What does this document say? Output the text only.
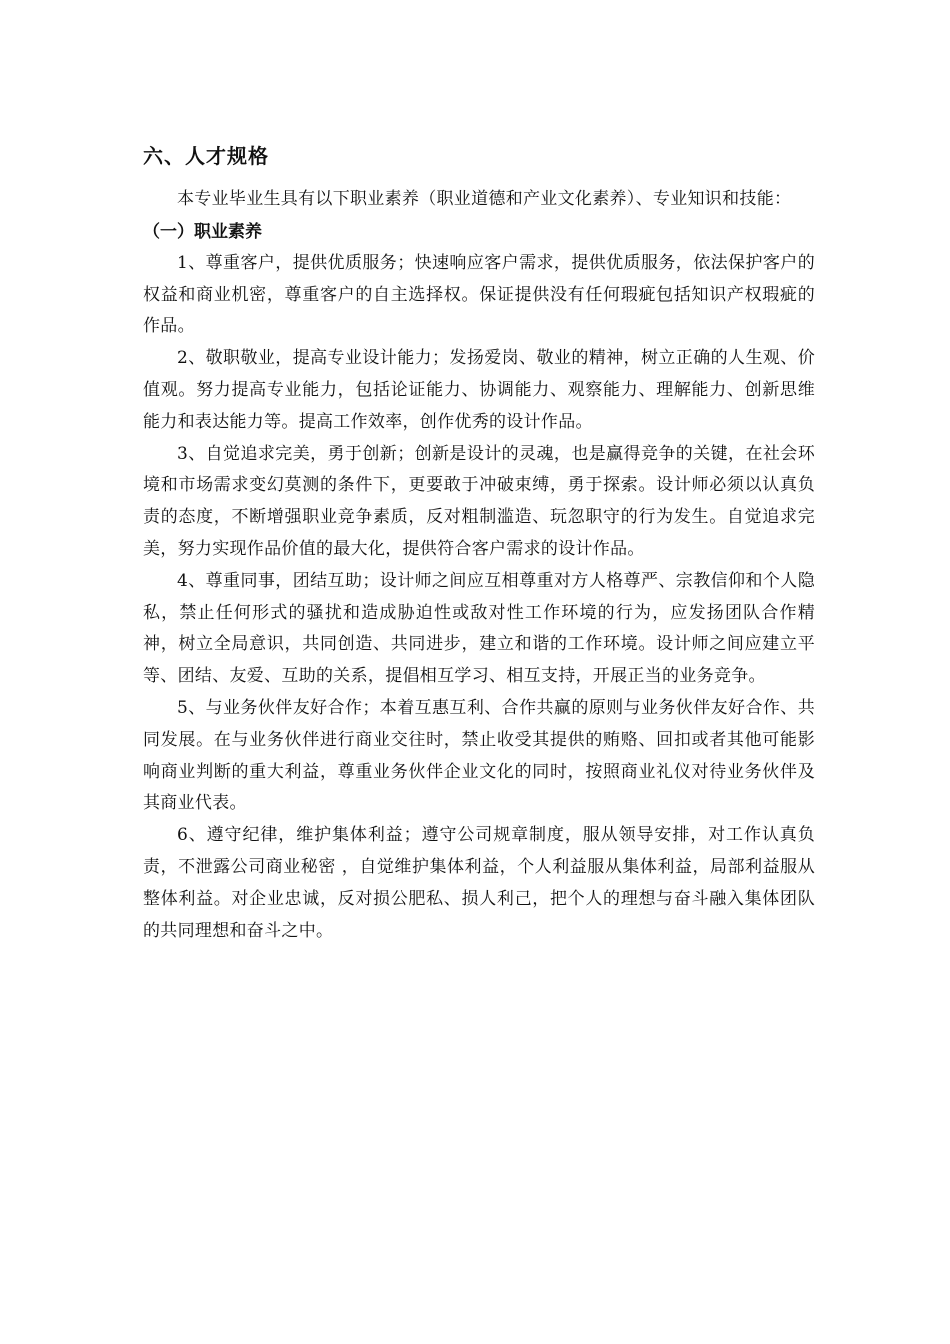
六、人才规格

本专业毕业生具有以下职业素养（职业道德和产业文化素养）、专业知识和技能：

（一）职业素养

1、尊重客户，提供优质服务；快速响应客户需求，提供优质服务，依法保护客户的权益和商业机密，尊重客户的自主选择权。保证提供没有任何瑕疵包括知识产权瑕疵的作品。

2、敬职敬业，提高专业设计能力；发扬爱岗、敬业的精神，树立正确的人生观、价值观。努力提高专业能力，包括论证能力、协调能力、观察能力、理解能力、创新思维能力和表达能力等。提高工作效率，创作优秀的设计作品。

3、自觉追求完美，勇于创新；创新是设计的灵魂，也是赢得竞争的关键，在社会环境和市场需求变幻莫测的条件下，更要敢于冲破束缚，勇于探索。设计师必须以认真负责的态度，不断增强职业竞争素质，反对粗制滥造、玩忽职守的行为发生。自觉追求完美，努力实现作品价值的最大化，提供符合客户需求的设计作品。

4、尊重同事，团结互助；设计师之间应互相尊重对方人格尊严、宗教信仰和个人隐私，禁止任何形式的骚扰和造成胁迫性或敌对性工作环境的行为，应发扬团队合作精神，树立全局意识，共同创造、共同进步，建立和谐的工作环境。设计师之间应建立平等、团结、友爱、互助的关系，提倡相互学习、相互支持，开展正当的业务竞争。

5、与业务伙伴友好合作；本着互惠互利、合作共赢的原则与业务伙伴友好合作、共同发展。在与业务伙伴进行商业交往时，禁止收受其提供的贿赂、回扣或者其他可能影响商业判断的重大利益，尊重业务伙伴企业文化的同时，按照商业礼仪对待业务伙伴及其商业代表。

6、遵守纪律，维护集体利益；遵守公司规章制度，服从领导安排，对工作认真负责，不泄露公司商业秘密 ，自觉维护集体利益，个人利益服从集体利益，局部利益服从整体利益。对企业忠诚，反对损公肥私、损人利己，把个人的理想与奋斗融入集体团队的共同理想和奋斗之中。
